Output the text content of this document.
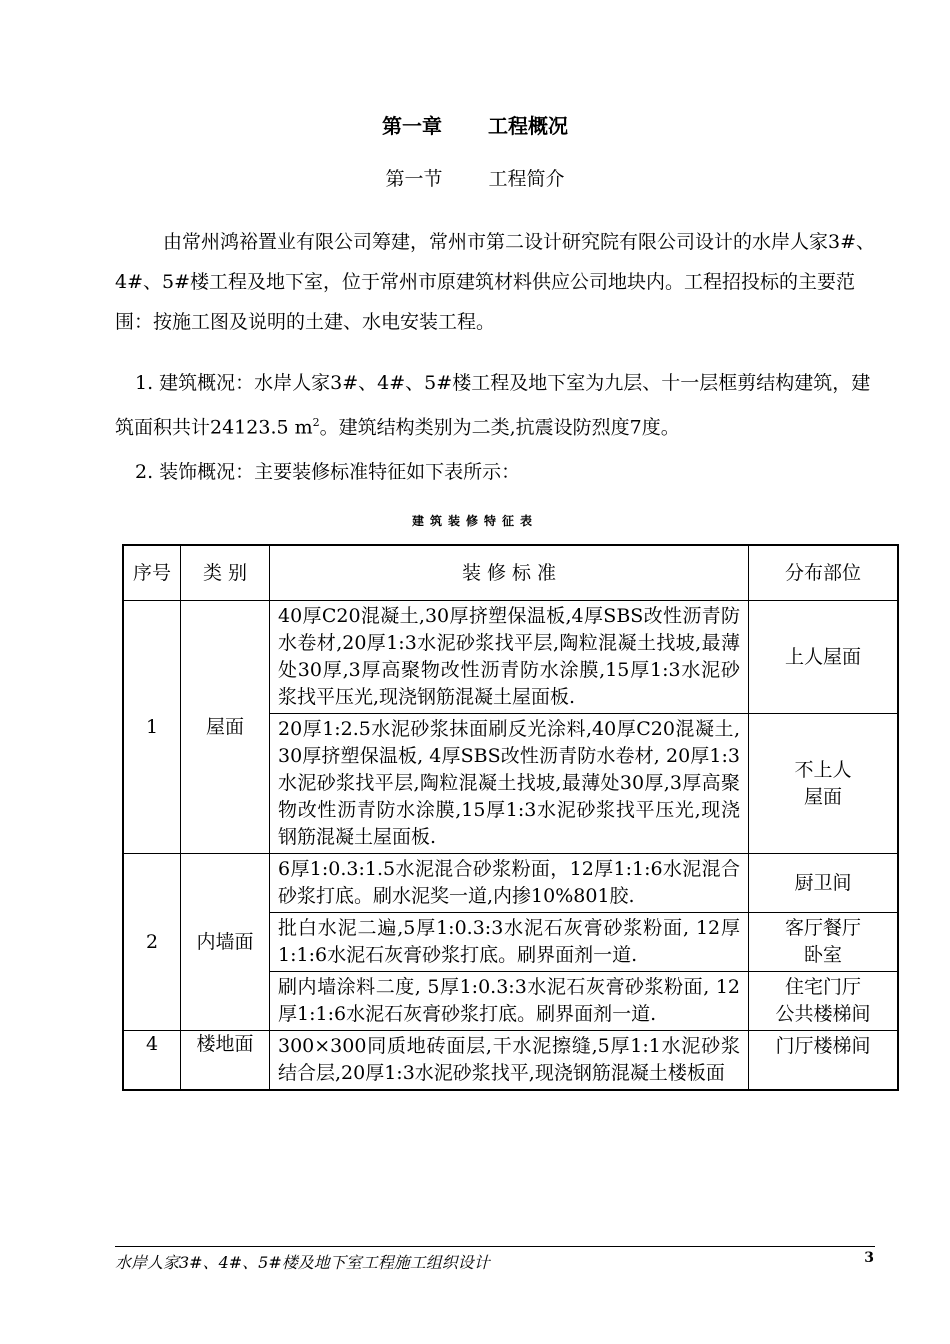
第一章 工程概况
第一节 工程简介
由常州鸿裕置业有限公司筹建，常州市第二设计研究院有限公司设计的水岸人家3#、4#、5#楼工程及地下室，位于常州市原建筑材料供应公司地块内。工程招投标的主要范围：按施工图及说明的土建、水电安装工程。
1. 建筑概况：水岸人家3#、4#、5#楼工程及地下室为九层、十一层框剪结构建筑，建筑面积共计24123.5 $m^2$。建筑结构类别为二类,抗震设防烈度7度。
2. 装饰概况：主要装修标准特征如下表所示：
建筑装修特征表
序号	类 别	装 修 标 准	分布部位
1	屋面	40厚C20混凝土,30厚挤塑保温板,4厚SBS改性沥青防水卷材,20厚1:3水泥砂浆找平层,陶粒混凝土找坡,最薄处30厚,3厚高聚物改性沥青防水涂膜,15厚1:3水泥砂浆找平压光,现浇钢筋混凝土屋面板.	上人屋面
		20厚1:2.5水泥砂浆抹面刷反光涂料,40厚C20混凝土, 30厚挤塑保温板, 4厚SBS改性沥青防水卷材, 20厚1:3水泥砂浆找平层,陶粒混凝土找坡,最薄处30厚,3厚高聚物改性沥青防水涂膜,15厚1:3水泥砂浆找平压光,现浇钢筋混凝土屋面板.	不上人
屋面

2	内墙面	6厚1:0.3:1.5水泥混合砂浆粉面，12厚1:1:6水泥混合砂浆打底。刷水泥奖一道,内掺10%801胶.	厨卫间
		批白水泥二遍,5厚1:0.3:3水泥石灰膏砂浆粉面, 12厚1:1:6水泥石灰膏砂浆打底。刷界面剂一道.	客厅餐厅
卧室

		刷内墙涂料二度, 5厚1:0.3:3水泥石灰膏砂浆粉面, 12厚1:1:6水泥石灰膏砂浆打底。刷界面剂一道.	住宅门厅
公共楼梯间

4	楼地面	300×300同质地砖面层,干水泥擦缝,5厚1:1水泥砂浆结合层,20厚1:3水泥砂浆找平,现浇钢筋混凝土楼板面	门厅楼梯间
水岸人家3#、4#、5#楼及地下室工程施工组织设计	3
